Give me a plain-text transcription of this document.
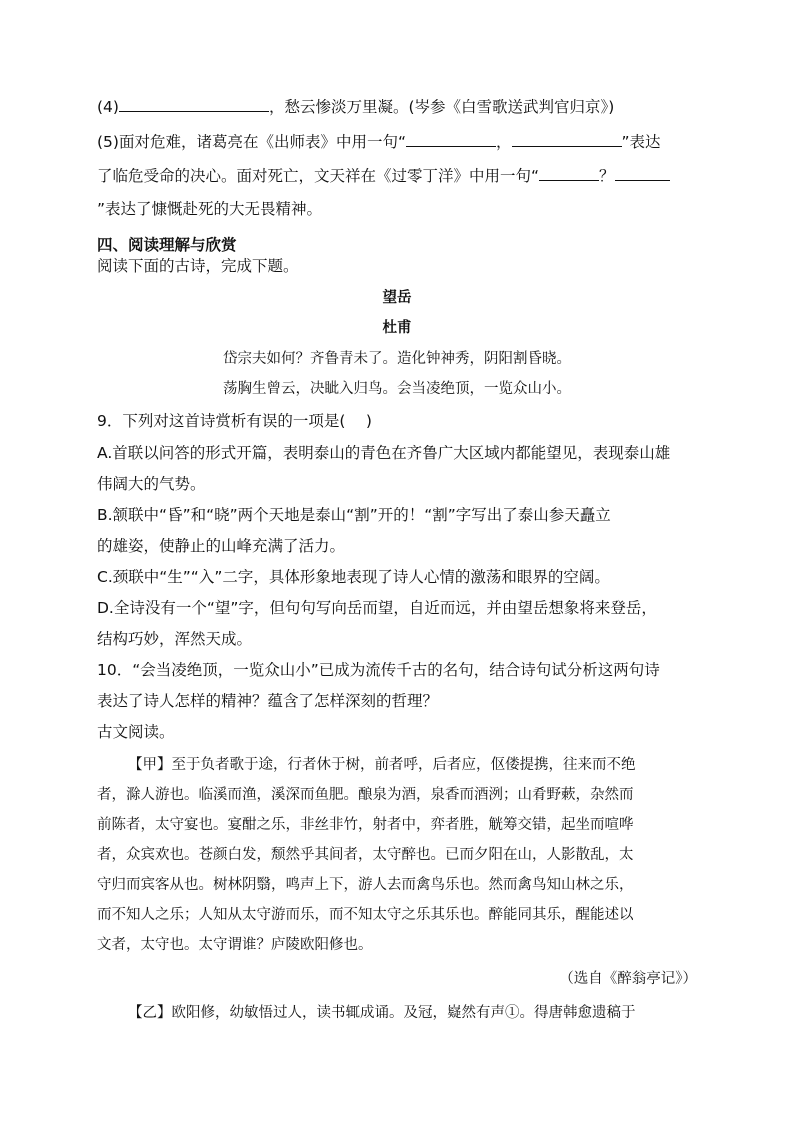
(4)	，愁云惨淡万里凝。(岑参《白雪歌送武判官归京》)
(5)面对危难，诸葛亮在《出师表》中用一句“	，	”表达
了临危受命的决心。面对死亡，文天祥在《过零丁洋》中用一句“	？
”表达了慷慨赴死的大无畏精神。
四、阅读理解与欣赏
阅读下面的古诗，完成下题。
望岳
杜甫
岱宗夫如何？齐鲁青未了。造化钟神秀，阴阳割昏晓。
荡胸生曾云，决眦入归鸟。会当凌绝顶，一览众山小。
9．下列对这首诗赏析有误的一项是(　 )
A.首联以问答的形式开篇，表明泰山的青色在齐鲁广大区域内都能望见，表现泰山雄
伟阔大的气势。
B.颔联中“昏”和“晓”两个天地是泰山“割”开的！“割”字写出了泰山参天矗立
的雄姿，使静止的山峰充满了活力。
C.颈联中“生”“入”二字，具体形象地表现了诗人心情的激荡和眼界的空阔。
D.全诗没有一个“望”字，但句句写向岳而望，自近而远，并由望岳想象将来登岳，
结构巧妙，浑然天成。
10．“会当凌绝顶，一览众山小”已成为流传千古的名句，结合诗句试分析这两句诗
表达了诗人怎样的精神？蕴含了怎样深刻的哲理？
古文阅读。
【甲】至于负者歌于途，行者休于树，前者呼，后者应，伛偻提携，往来而不绝
者，滁人游也。临溪而渔，溪深而鱼肥。酿泉为酒，泉香而酒洌；山肴野蔌，杂然而
前陈者，太守宴也。宴酣之乐，非丝非竹，射者中，弈者胜，觥筹交错，起坐而喧哗
者，众宾欢也。苍颜白发，颓然乎其间者，太守醉也。已而夕阳在山，人影散乱，太
守归而宾客从也。树林阴翳，鸣声上下，游人去而禽鸟乐也。然而禽鸟知山林之乐，
而不知人之乐；人知从太守游而乐，而不知太守之乐其乐也。醉能同其乐，醒能述以
文者，太守也。太守谓谁？庐陵欧阳修也。
（选自《醉翁亭记》）
【乙】欧阳修，幼敏悟过人，读书辄成诵。及冠，嶷然有声①。得唐韩愈遗稿于
